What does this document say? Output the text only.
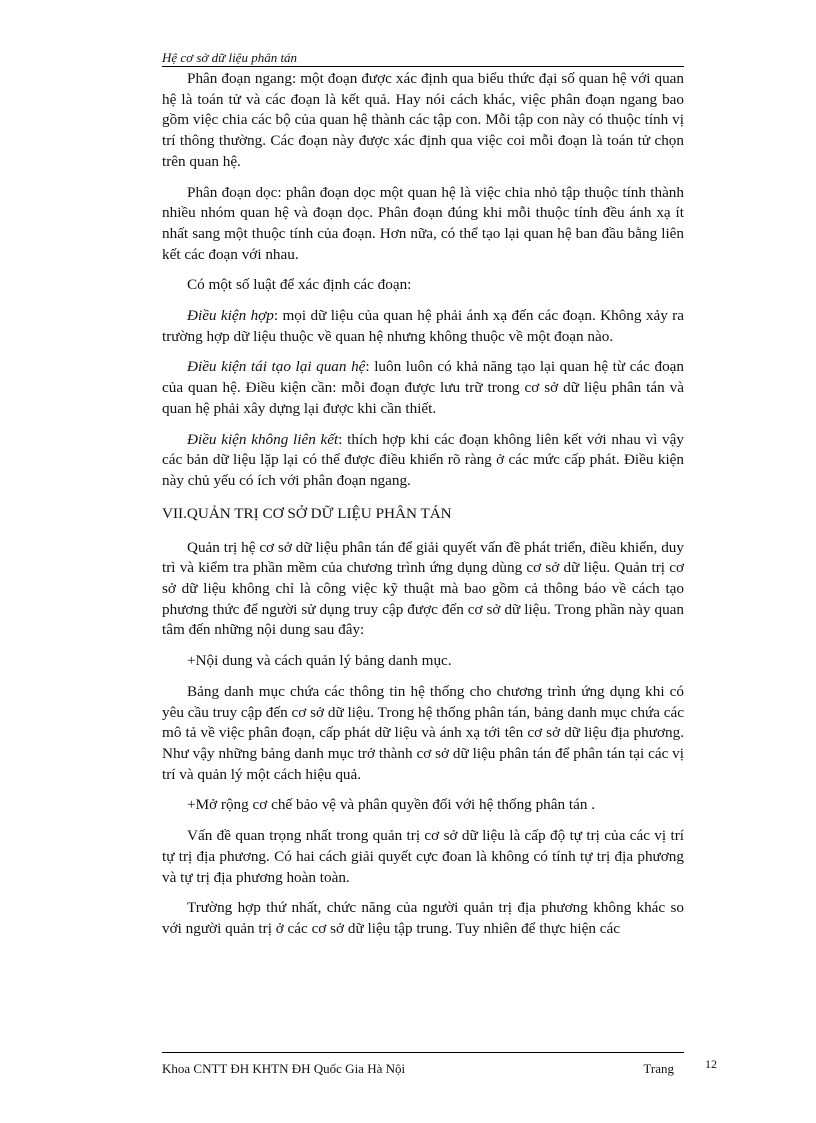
Hệ cơ sở dữ liệu phân tán

Phân đoạn ngang: một đoạn được xác định qua biểu thức đại số quan hệ với quan hệ là toán tử và các đoạn là kết quả. Hay nói cách khác, việc phân đoạn ngang bao gồm việc chia các bộ của quan hệ thành các tập con. Mỗi tập con này có thuộc tính vị trí thông thường. Các đoạn này được xác định qua việc coi mỗi đoạn là toán tử chọn trên quan hệ.

Phân đoạn dọc: phân đoạn dọc một quan hệ là việc chia nhỏ tập thuộc tính thành nhiều nhóm quan hệ và đoạn dọc. Phân đoạn đúng khi mỗi thuộc tính đều ánh xạ ít nhất sang một thuộc tính của đoạn. Hơn nữa, có thể tạo lại quan hệ ban đầu bằng liên kết các đoạn với nhau.

Có một số luật để xác định các đoạn:

Điều kiện hợp: mọi dữ liệu của quan hệ phải ánh xạ đến các đoạn. Không xảy ra trường hợp dữ liệu thuộc về quan hệ nhưng không thuộc về một đoạn nào.

Điều kiện tái tạo lại quan hệ: luôn luôn có khả năng tạo lại quan hệ từ các đoạn của quan hệ. Điều kiện cần: mỗi đoạn được lưu trữ trong cơ sở dữ liệu phân tán và quan hệ phải xây dựng lại được khi cần thiết.

Điều kiện không liên kết: thích hợp khi các đoạn không liên kết với nhau vì vậy các bản dữ liệu lặp lại có thể được điều khiển rõ ràng ở các mức cấp phát. Điều kiện này chủ yếu có ích với phân đoạn ngang.

VII.QUẢN TRỊ CƠ SỞ DỮ LIỆU PHÂN TÁN

Quản trị hệ cơ sở dữ liệu phân tán để giải quyết vấn đề phát triển, điều khiển, duy trì và kiểm tra phần mềm của chương trình ứng dụng dùng cơ sở dữ liệu. Quản trị cơ sở dữ liệu không chỉ là công việc kỹ thuật mà bao gồm cả thông báo về cách tạo phương thức để người sử dụng truy cập được đến cơ sở dữ liệu. Trong phần này quan tâm đến những nội dung sau đây:

+Nội dung và cách quản lý bảng danh mục.

Bảng danh mục chứa các thông tin hệ thống cho chương trình ứng dụng khi có yêu cầu truy cập đến cơ sở dữ liệu. Trong hệ thống phân tán, bảng danh mục chứa các mô tả về việc phân đoạn, cấp phát dữ liệu và ánh xạ tới tên cơ sở dữ liệu địa phương. Như vậy những bảng danh mục trở thành cơ sở dữ liệu phân tán để phân tán tại các vị trí và quản lý một cách hiệu quả.

+Mở rộng cơ chế bảo vệ và phân quyền đối với hệ thống phân tán .

Vấn đề quan trọng nhất trong quản trị cơ sở dữ liệu là cấp độ tự trị của các vị trí tự trị địa phương. Có hai cách giải quyết cực đoan là không có tính tự trị địa phương và tự trị địa phương hoàn toàn.

Trường hợp thứ nhất, chức năng của người quản trị địa phương không khác so với người quản trị ở các cơ sở dữ liệu tập trung. Tuy nhiên để thực hiện các

Khoa CNTT ĐH KHTN ĐH Quốc Gia Hà Nội	Trang	12
